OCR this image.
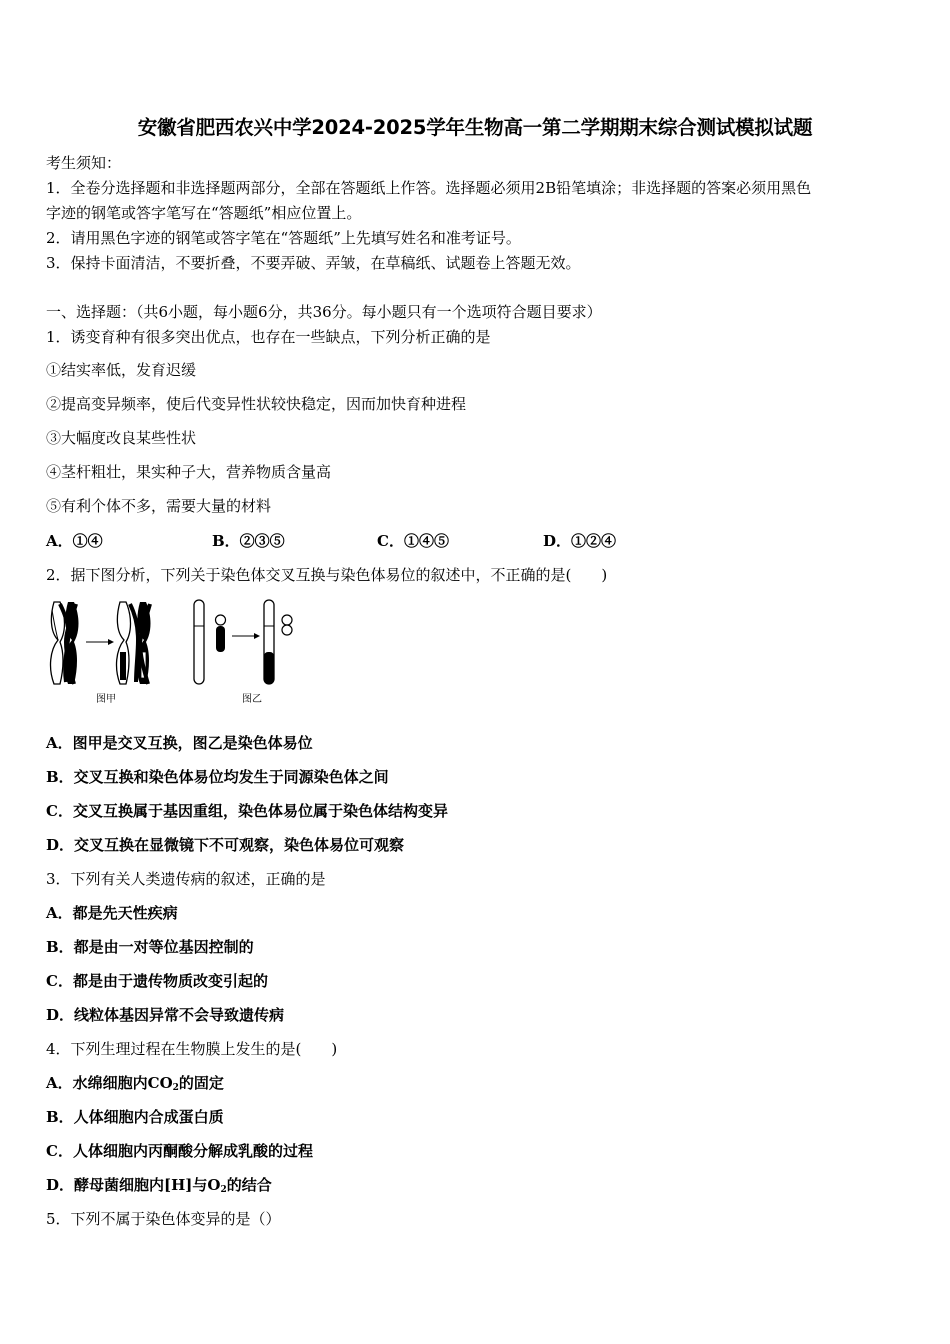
安徽省肥西农兴中学2024-2025学年生物高一第二学期期末综合测试模拟试题
考生须知：
1．全卷分选择题和非选择题两部分，全部在答题纸上作答。选择题必须用2B铅笔填涂；非选择题的答案必须用黑色
字迹的钢笔或答字笔写在“答题纸”相应位置上。
2．请用黑色字迹的钢笔或答字笔在“答题纸”上先填写姓名和准考证号。
3．保持卡面清洁，不要折叠，不要弄破、弄皱，在草稿纸、试题卷上答题无效。
一、选择题：（共6小题，每小题6分，共36分。每小题只有一个选项符合题目要求）
1．诱变育种有很多突出优点，也存在一些缺点，下列分析正确的是
①结实率低，发育迟缓
②提高变异频率，使后代变异性状较快稳定，因而加快育种进程
③大幅度改良某些性状
④茎杆粗壮，果实种子大，营养物质含量高
⑤有利个体不多，需要大量的材料
A．①④	B．②③⑤	C．①④⑤	D．①②④
2．据下图分析，下列关于染色体交叉互换与染色体易位的叙述中，不正确的是(　　)
图甲	图乙
A．图甲是交叉互换，图乙是染色体易位
B．交叉互换和染色体易位均发生于同源染色体之间
C．交叉互换属于基因重组，染色体易位属于染色体结构变异
D．交叉互换在显微镜下不可观察，染色体易位可观察
3．下列有关人类遗传病的叙述，正确的是
A．都是先天性疾病
B．都是由一对等位基因控制的
C．都是由于遗传物质改变引起的
D．线粒体基因异常不会导致遗传病
4．下列生理过程在生物膜上发生的是(　　)
A．水绵细胞内$CO_2$的固定
B．人体细胞内合成蛋白质
C．人体细胞内丙酮酸分解成乳酸的过程
D．酵母菌细胞内[H]与$O_2$的结合
5．下列不属于染色体变异的是（）
